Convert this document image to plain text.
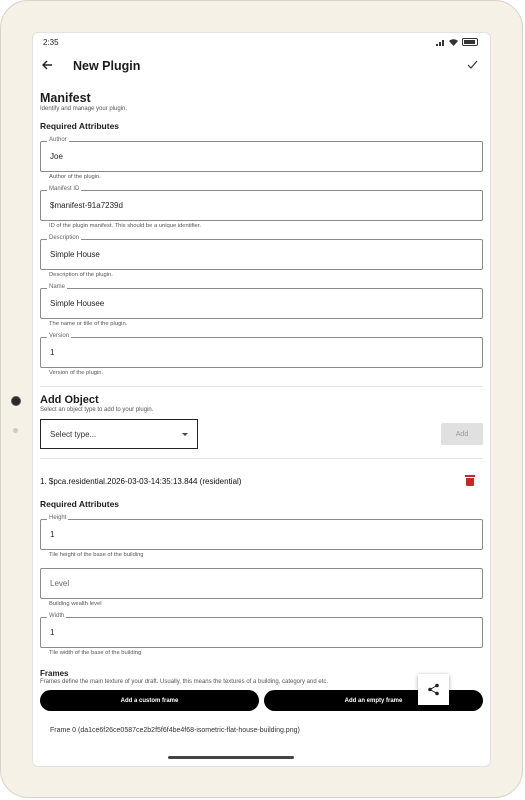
2:35
New Plugin
Manifest
Identify and manage your plugin.
Required Attributes
Author
Joe
Author of the plugin.
Manifest ID
$manifest-91a7239d
ID of the plugin manifest. This should be a unique identifier.
Description
Simple House
Description of the plugin.
Name
Simple Housee
The name or title of the plugin.
Version
1
Version of the plugin.
Add Object
Select an object type to add to your plugin.
Select type...	Add
1. $pca.residential.2026-03-03-14:35:13.844 (residential)
Required Attributes
Height
1
Tile height of the base of the building
Level
Building wealth level
Width
1
Tile width of the base of the building
Frames
Frames define the main texture of your draft. Usually, this means the textures of a building, category and etc.
Add a custom frame	Add an empty frame
Frame 0 (da1ce6f26ce0587ce2b2f5f6f4be4f68-isometric-flat-house-building.png)
